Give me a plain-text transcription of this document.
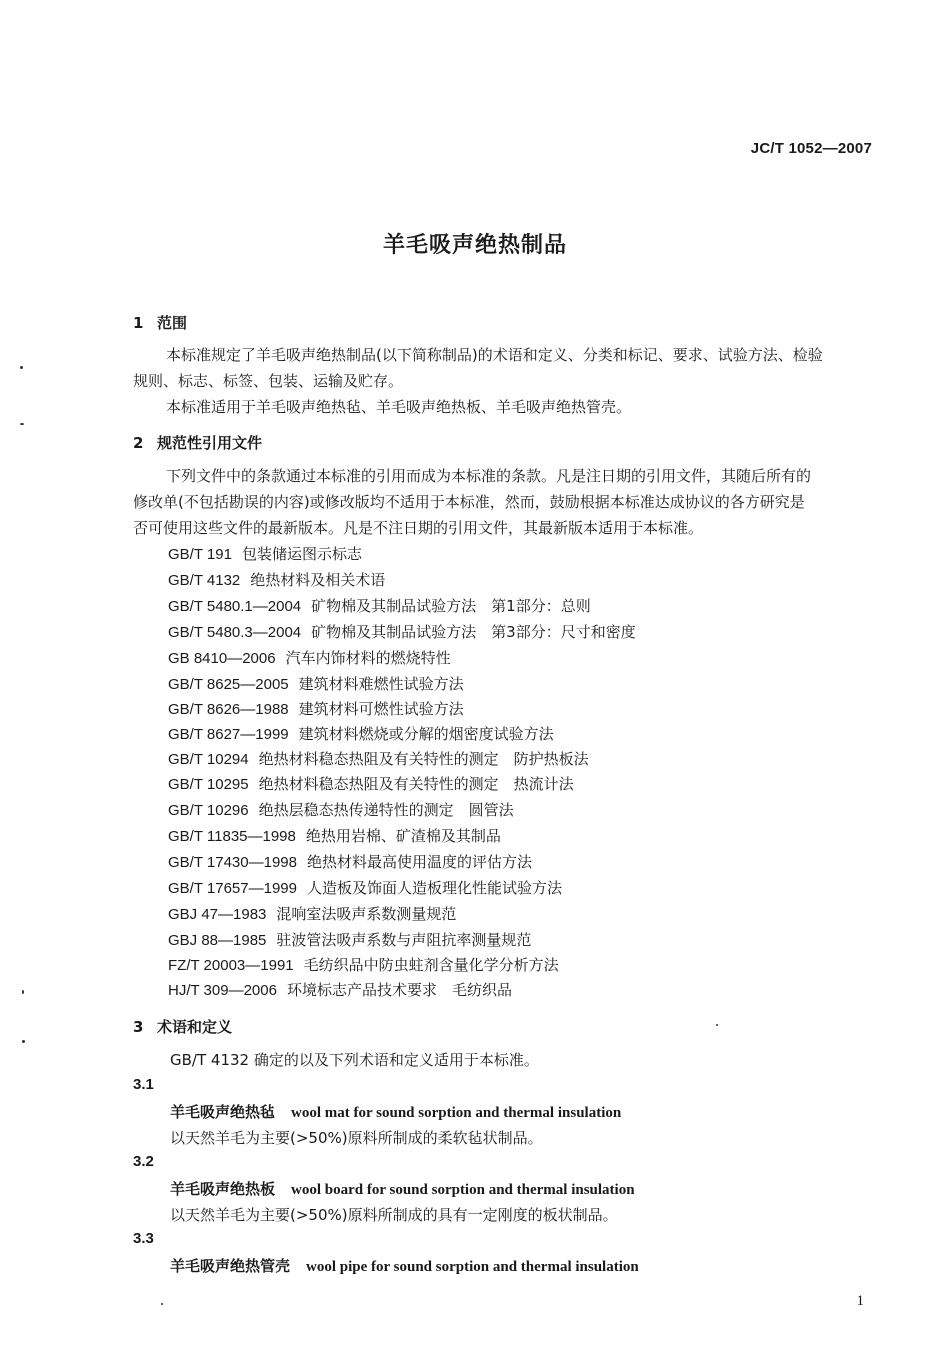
JC/T 1052—2007
羊毛吸声绝热制品
1 范围
本标准规定了羊毛吸声绝热制品(以下简称制品)的术语和定义、分类和标记、要求、试验方法、检验
规则、标志、标签、包装、运输及贮存。
本标准适用于羊毛吸声绝热毡、羊毛吸声绝热板、羊毛吸声绝热管壳。
2 规范性引用文件
下列文件中的条款通过本标准的引用而成为本标准的条款。凡是注日期的引用文件，其随后所有的
修改单(不包括勘误的内容)或修改版均不适用于本标准，然而，鼓励根据本标准达成协议的各方研究是
否可使用这些文件的最新版本。凡是不注日期的引用文件，其最新版本适用于本标准。
GB/T 191 包装储运图示标志
GB/T 4132 绝热材料及相关术语
GB/T 5480.1—2004 矿物棉及其制品试验方法　第1部分：总则
GB/T 5480.3—2004 矿物棉及其制品试验方法　第3部分：尺寸和密度
GB 8410—2006 汽车内饰材料的燃烧特性
GB/T 8625—2005 建筑材料难燃性试验方法
GB/T 8626—1988 建筑材料可燃性试验方法
GB/T 8627—1999 建筑材料燃烧或分解的烟密度试验方法
GB/T 10294 绝热材料稳态热阻及有关特性的测定　防护热板法
GB/T 10295 绝热材料稳态热阻及有关特性的测定　热流计法
GB/T 10296 绝热层稳态热传递特性的测定　圆管法
GB/T 11835—1998 绝热用岩棉、矿渣棉及其制品
GB/T 17430—1998 绝热材料最高使用温度的评估方法
GB/T 17657—1999 人造板及饰面人造板理化性能试验方法
GBJ 47—1983 混响室法吸声系数测量规范
GBJ 88—1985 驻波管法吸声系数与声阻抗率测量规范
FZ/T 20003—1991 毛纺织品中防虫蛀剂含量化学分析方法
HJ/T 309—2006 环境标志产品技术要求　毛纺织品
3 术语和定义
GB/T 4132 确定的以及下列术语和定义适用于本标准。
3.1
羊毛吸声绝热毡 wool mat for sound sorption and thermal insulation
以天然羊毛为主要(>50%)原料所制成的柔软毡状制品。
3.2
羊毛吸声绝热板 wool board for sound sorption and thermal insulation
以天然羊毛为主要(>50%)原料所制成的具有一定刚度的板状制品。
3.3
羊毛吸声绝热管壳 wool pipe for sound sorption and thermal insulation
1
